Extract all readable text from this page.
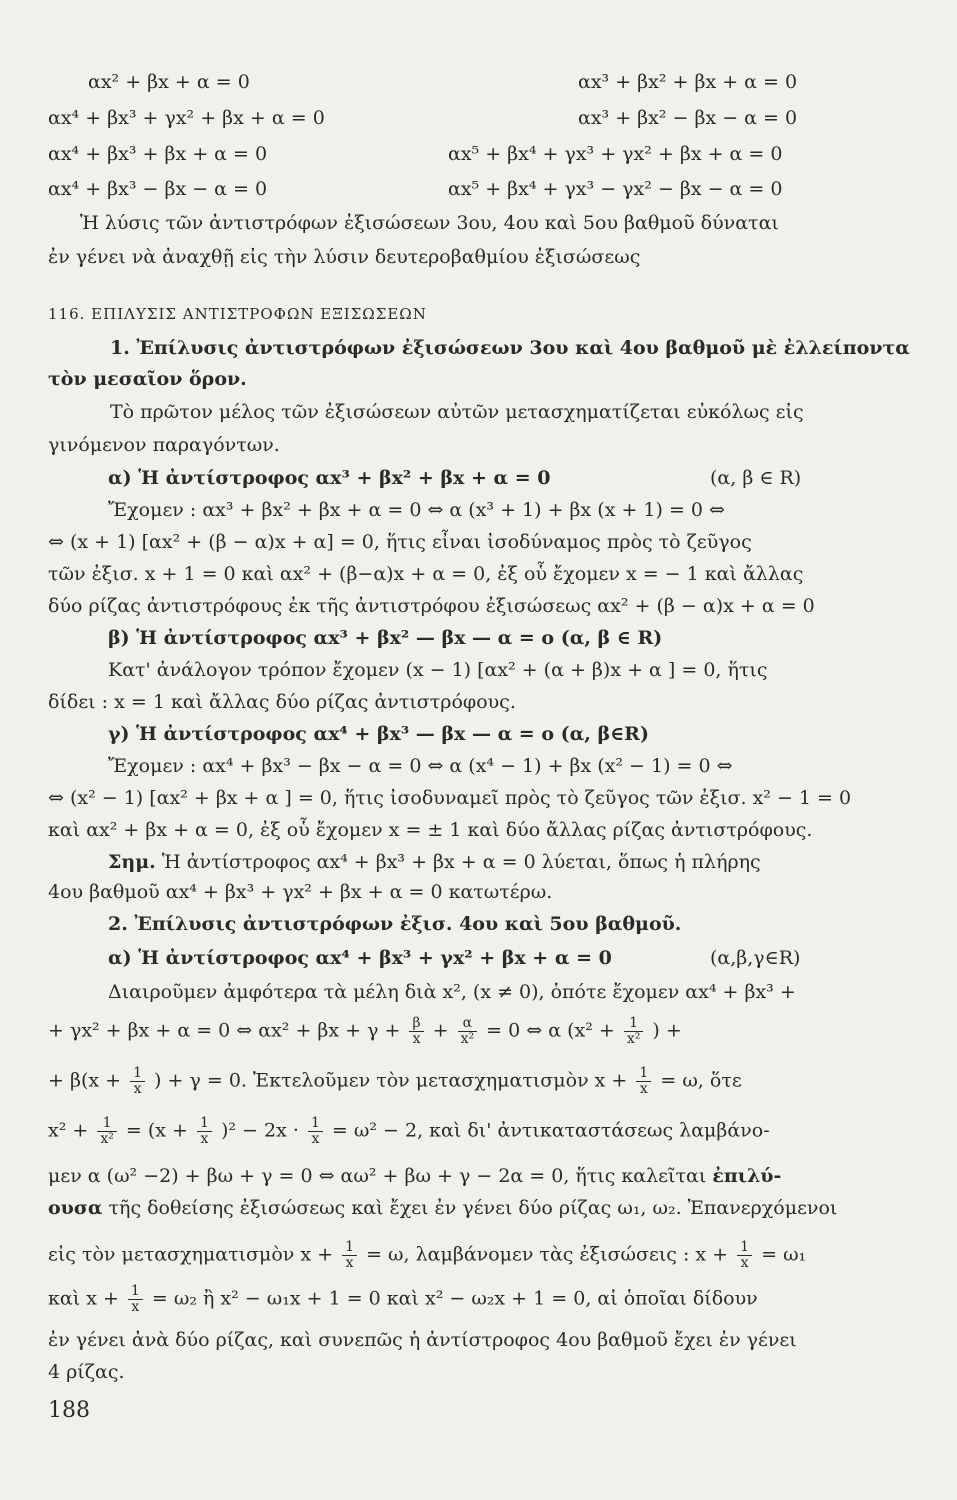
αx² + βx + α = 0	αx³ + βx² + βx + α = 0
αx⁴ + βx³ + γx² + βx + α = 0	αx³ + βx² − βx − α = 0
αx⁴ + βx³ + βx + α = 0	αx⁵ + βx⁴ + γx³ + γx² + βx + α = 0
αx⁴ + βx³ − βx − α = 0	αx⁵ + βx⁴ + γx³ − γx² − βx − α = 0
Ἡ λύσις τῶν ἀντιστρόφων ἐξισώσεων 3ου, 4ου καὶ 5ου βαθμοῦ δύναται
ἐν γένει νὰ ἀναχθῇ εἰς τὴν λύσιν δευτεροβαθμίου ἐξισώσεως
116. ΕΠΙΛΥΣΙΣ ΑΝΤΙΣΤΡΟΦΩΝ ΕΞΙΣΩΣΕΩΝ
1. Ἐπίλυσις ἀντιστρόφων ἐξισώσεων 3ου καὶ 4ου βαθμοῦ μὲ ἐλλείποντα
τὸν μεσαῖον ὅρον.
Τὸ πρῶτον μέλος τῶν ἐξισώσεων αὐτῶν μετασχηματίζεται εὐκόλως εἰς
γινόμενον παραγόντων.
α) Ἡ ἀντίστροφος αx³ + βx² + βx + α = 0	(α, β ∈ R)
Ἔχομεν : αx³ + βx² + βx + α = 0 ⇔ α (x³ + 1) + βx (x + 1) = 0 ⇔
⇔ (x + 1) [αx² + (β − α)x + α] = 0, ἥτις εἶναι ἰσοδύναμος πρὸς τὸ ζεῦγος
τῶν ἐξισ. x + 1 = 0 καὶ αx² + (β−α)x + α = 0, ἐξ οὗ ἔχομεν x = − 1 καὶ ἄλλας
δύο ρίζας ἀντιστρόφους ἐκ τῆς ἀντιστρόφου ἐξισώσεως αx² + (β − α)x + α = 0
β) Ἡ ἀντίστροφος αx³ + βx² — βx — α = ο (α, β ∈ R)
Κατ' ἀνάλογον τρόπον ἔχομεν (x − 1) [αx² + (α + β)x + α ] = 0, ἥτις
δίδει : x = 1 καὶ ἄλλας δύο ρίζας ἀντιστρόφους.
γ) Ἡ ἀντίστροφος αx⁴ + βx³ — βx — α = ο (α, β∈R)
Ἔχομεν : αx⁴ + βx³ − βx − α = 0 ⇔ α (x⁴ − 1) + βx (x² − 1) = 0 ⇔
⇔ (x² − 1) [αx² + βx + α ] = 0, ἥτις ἰσοδυναμεῖ πρὸς τὸ ζεῦγος τῶν ἐξισ. x² − 1 = 0
καὶ αx² + βx + α = 0, ἐξ οὗ ἔχομεν x = ± 1 καὶ δύο ἄλλας ρίζας ἀντιστρόφους.
Σημ. Ἡ ἀντίστροφος αx⁴ + βx³ + βx + α = 0 λύεται, ὅπως ἡ πλήρης
4ου βαθμοῦ αx⁴ + βx³ + γx² + βx + α = 0 κατωτέρω.
2. Ἐπίλυσις ἀντιστρόφων ἐξισ. 4ου καὶ 5ου βαθμοῦ.
α) Ἡ ἀντίστροφος αx⁴ + βx³ + γx² + βx + α = 0	(α,β,γ∈R)
Διαιροῦμεν ἀμφότερα τὰ μέλη διὰ x², (x ≠ 0), ὁπότε ἔχομεν αx⁴ + βx³ +
+ γx² + βx + α = 0 ⇔ $\alpha x^2 + \beta x + \gamma + \frac{\beta}{x} + \frac{\alpha}{\text{x²}} = 0$ ⇔ α ($x^2 + \frac{1}{\text{x²}}$ ) +
+ $\beta(x + \frac{1}{x}$ ) + γ = 0. Ἐκτελοῦμεν τὸν μετασχηματισμὸν $x + \frac{1}{x} = \omega$, ὅτε
$x^2 + \frac{1}{\text{x²}} = (x + \frac{1}{x} )^2 - 2x \cdot \frac{1}{x} = \omega^2 - 2$, καὶ δι' ἀντικαταστάσεως λαμβάνο-
μεν α (ω² −2) + βω + γ = 0 ⇔ αω² + βω + γ − 2α = 0, ἥτις καλεῖται ἐπιλύ-
ουσα τῆς δοθείσης ἐξισώσεως καὶ ἔχει ἐν γένει δύο ρίζας ω₁, ω₂. Ἐπανερχόμενοι
εἰς τὸν μετασχηματισμὸν $x + \frac{1}{x} = \omega$, λαμβάνομεν τὰς ἐξισώσεις : $x + \frac{1}{x} = \omega_1$
καὶ $x + \frac{1}{x} = \omega_2$ ἢ x² − ω₁x + 1 = 0 καὶ x² − ω₂x + 1 = 0, αἱ ὁποῖαι δίδουν
ἐν γένει ἀνὰ δύο ρίζας, καὶ συνεπῶς ἡ ἀντίστροφος 4ου βαθμοῦ ἔχει ἐν γένει
4 ρίζας.
188
